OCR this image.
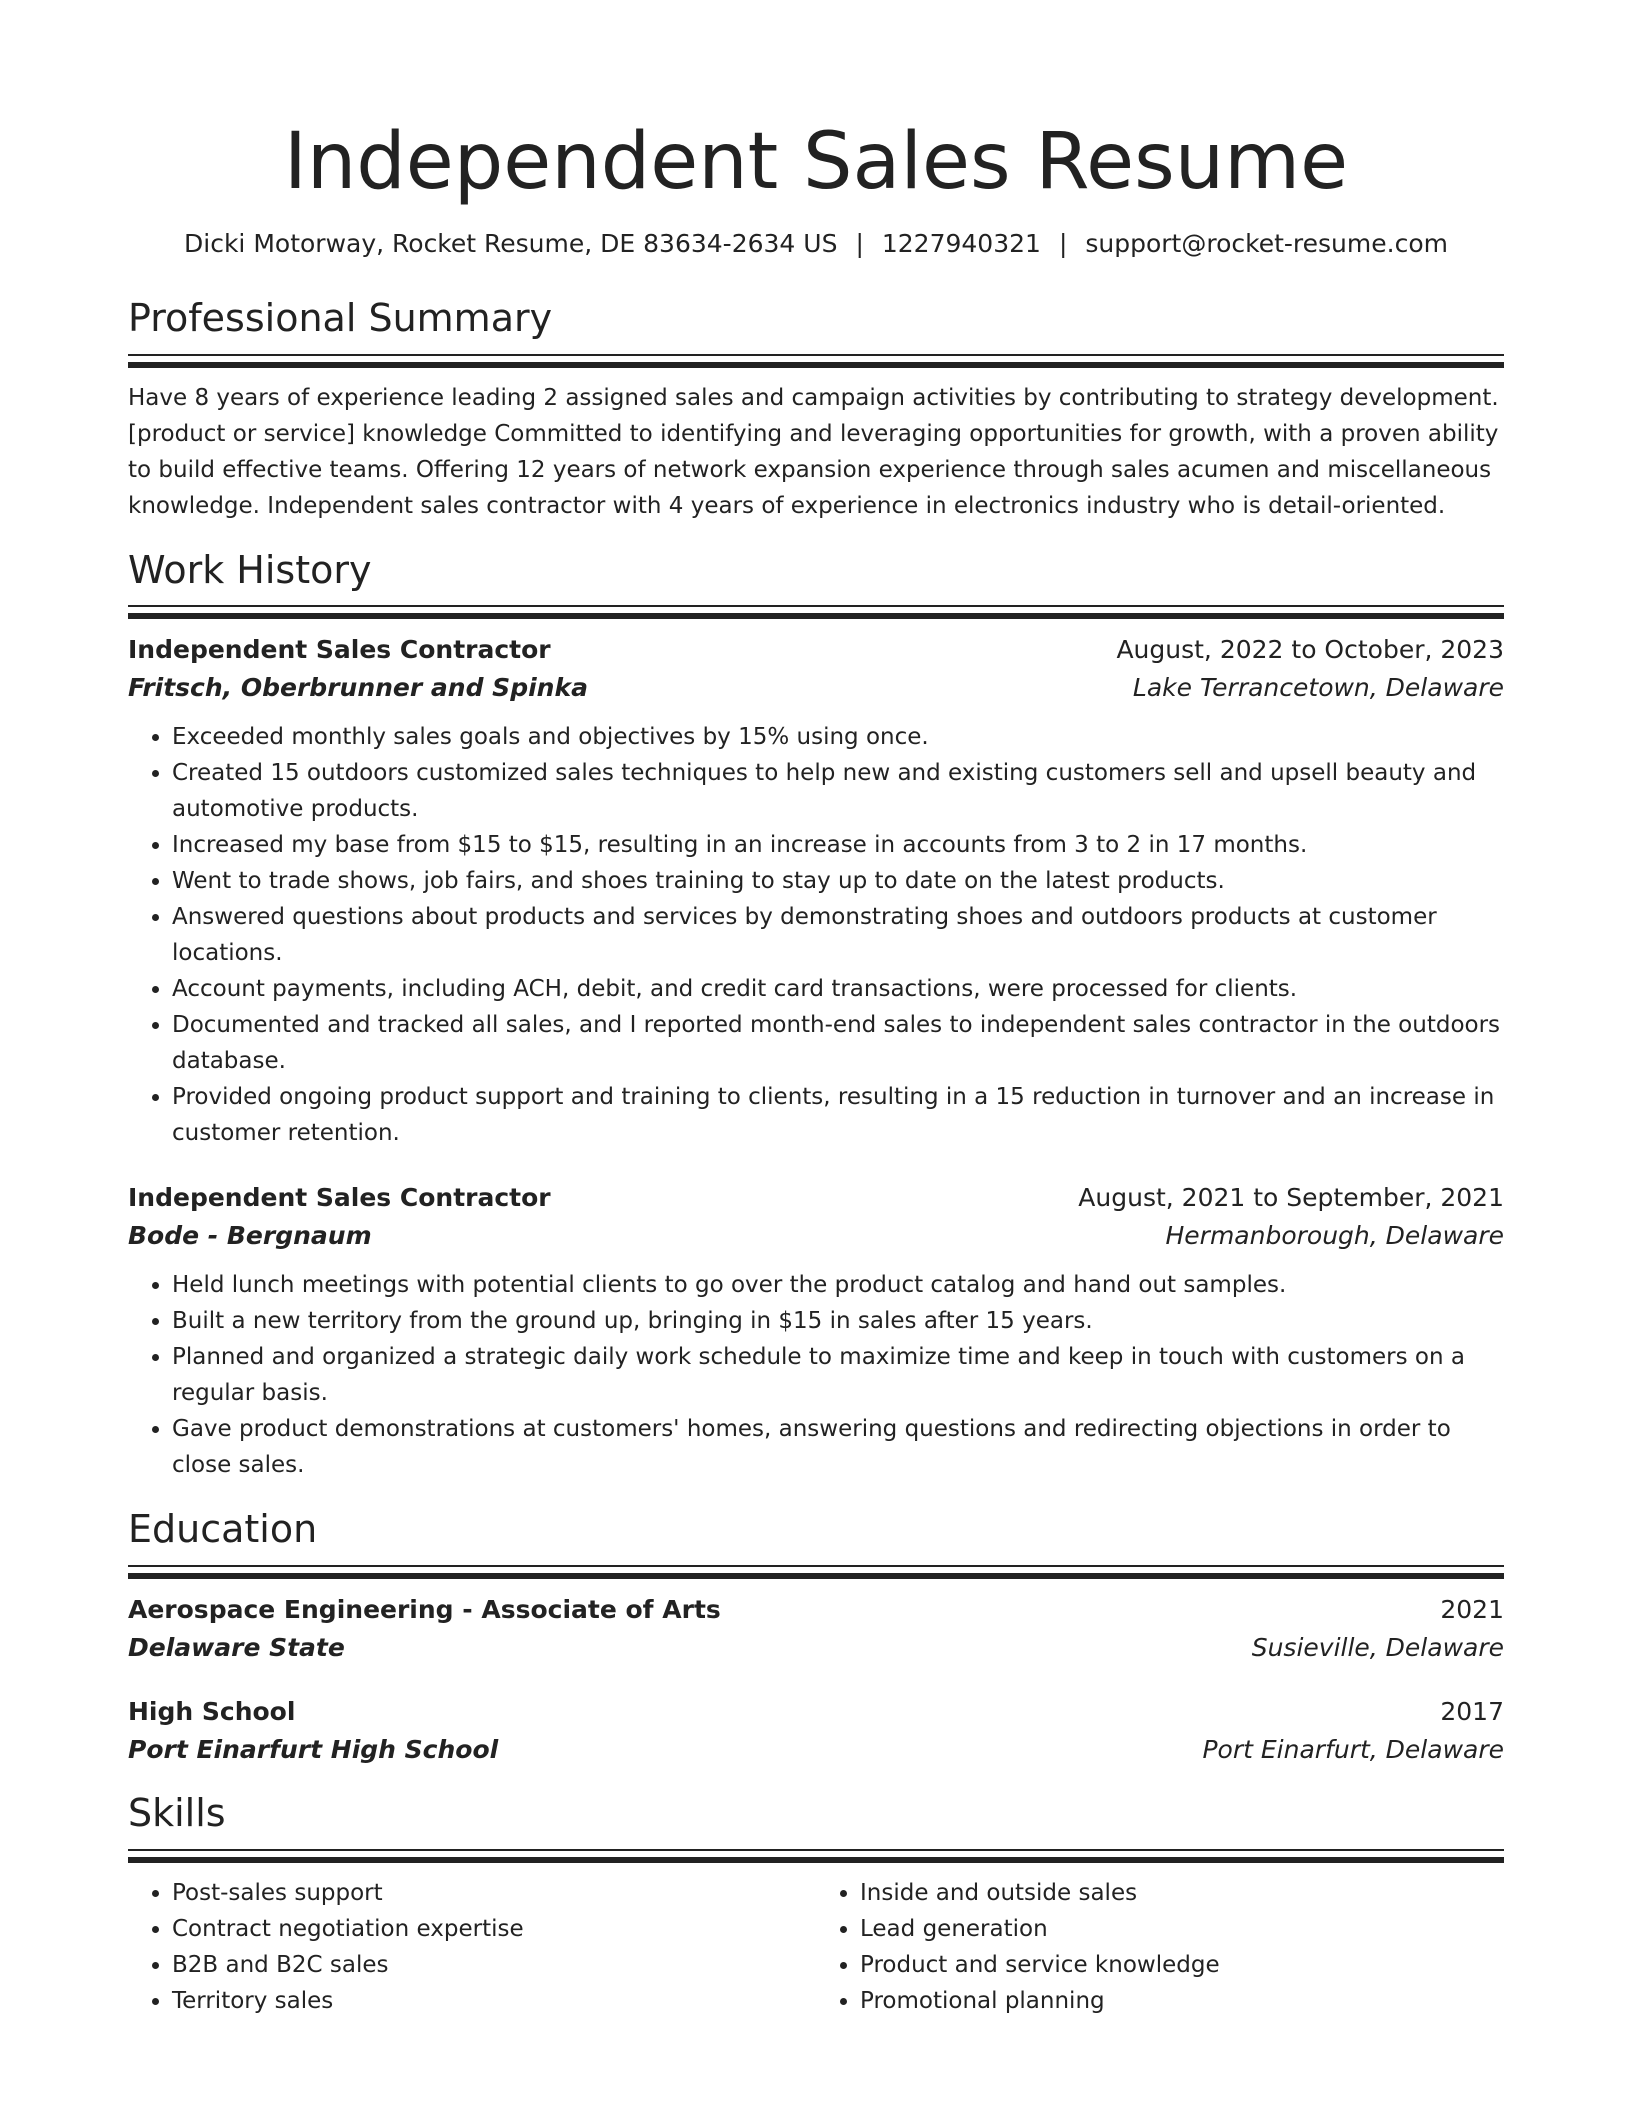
Independent Sales Resume
Dicki Motorway, Rocket Resume, DE 83634-2634 US | 1227940321 | support@rocket-resume.com
Professional Summary
Have 8 years of experience leading 2 assigned sales and campaign activities by contributing to strategy development. [product or service] knowledge Committed to identifying and leveraging opportunities for growth, with a proven ability to build effective teams. Offering 12 years of network expansion experience through sales acumen and miscellaneous knowledge. Independent sales contractor with 4 years of experience in electronics industry who is detail-oriented.
Work History
Independent Sales Contractor	August, 2022 to October, 2023
Fritsch, Oberbrunner and Spinka	Lake Terrancetown, Delaware
• Exceeded monthly sales goals and objectives by 15% using once.
• Created 15 outdoors customized sales techniques to help new and existing customers sell and upsell beauty and automotive products.
• Increased my base from $15 to $15, resulting in an increase in accounts from 3 to 2 in 17 months.
• Went to trade shows, job fairs, and shoes training to stay up to date on the latest products.
• Answered questions about products and services by demonstrating shoes and outdoors products at customer locations.
• Account payments, including ACH, debit, and credit card transactions, were processed for clients.
• Documented and tracked all sales, and I reported month-end sales to independent sales contractor in the outdoors database.
• Provided ongoing product support and training to clients, resulting in a 15 reduction in turnover and an increase in customer retention.
Independent Sales Contractor	August, 2021 to September, 2021
Bode - Bergnaum	Hermanborough, Delaware
• Held lunch meetings with potential clients to go over the product catalog and hand out samples.
• Built a new territory from the ground up, bringing in $15 in sales after 15 years.
• Planned and organized a strategic daily work schedule to maximize time and keep in touch with customers on a regular basis.
• Gave product demonstrations at customers' homes, answering questions and redirecting objections in order to close sales.
Education
Aerospace Engineering - Associate of Arts	2021
Delaware State	Susieville, Delaware
High School	2017
Port Einarfurt High School	Port Einarfurt, Delaware
Skills
• Post-sales support
• Contract negotiation expertise
• B2B and B2C sales
• Territory sales
• Inside and outside sales
• Lead generation
• Product and service knowledge
• Promotional planning
